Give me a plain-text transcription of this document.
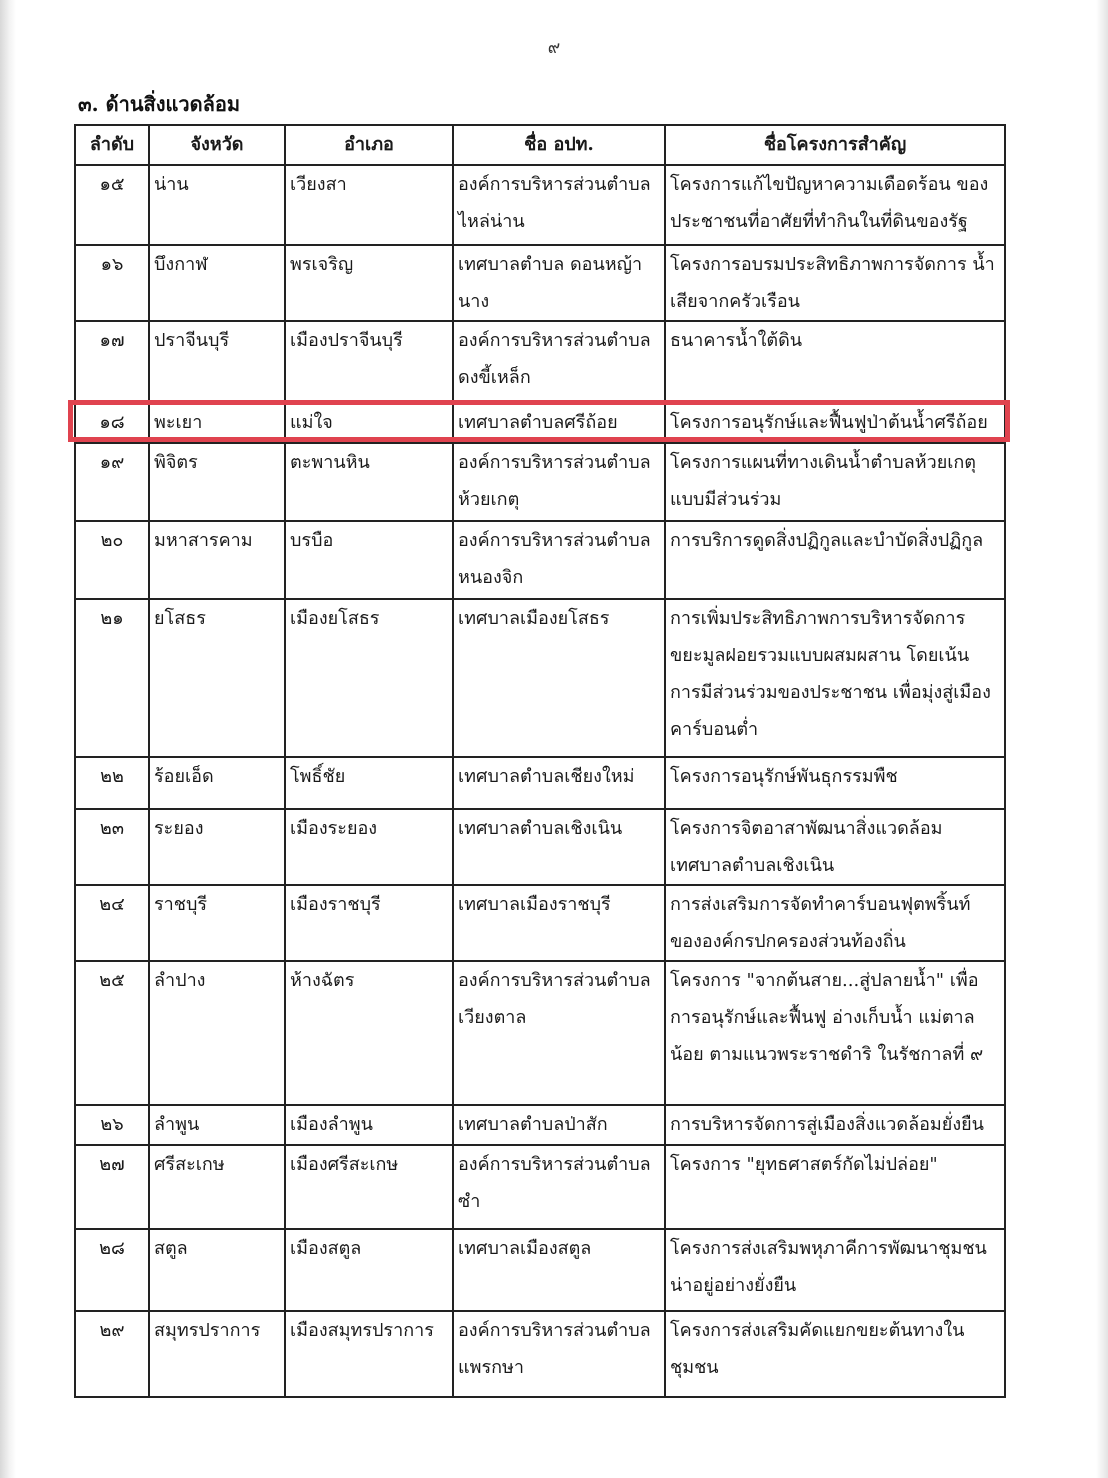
๙
๓. ด้านสิ่งแวดล้อม
ลำดับ	จังหวัด	อำเภอ	ชื่อ อปท.	ชื่อโครงการสำคัญ
๑๕	น่าน	เวียงสา	องค์การบริหารส่วนตำบล ไหล่น่าน	โครงการแก้ไขปัญหาความเดือดร้อน ของประชาชนที่อาศัยที่ทำกินในที่ดินของรัฐ
๑๖	บึงกาฬ	พรเจริญ	เทศบาลตำบล ดอนหญ้านาง	โครงการอบรมประสิทธิภาพการจัดการ น้ำเสียจากครัวเรือน
๑๗	ปราจีนบุรี	เมืองปราจีนบุรี	องค์การบริหารส่วนตำบล ดงขี้เหล็ก	ธนาคารน้ำใต้ดิน
๑๘	พะเยา	แม่ใจ	เทศบาลตำบลศรีถ้อย	โครงการอนุรักษ์และฟื้นฟูป่าต้นน้ำศรีถ้อย
๑๙	พิจิตร	ตะพานหิน	องค์การบริหารส่วนตำบล ห้วยเกตุ	โครงการแผนที่ทางเดินน้ำตำบลห้วยเกตุ แบบมีส่วนร่วม
๒๐	มหาสารคาม	บรบือ	องค์การบริหารส่วนตำบล หนองจิก	การบริการดูดสิ่งปฏิกูลและบำบัดสิ่งปฏิกูล
๒๑	ยโสธร	เมืองยโสธร	เทศบาลเมืองยโสธร	การเพิ่มประสิทธิภาพการบริหารจัดการ ขยะมูลฝอยรวมแบบผสมผสาน โดยเน้น การมีส่วนร่วมของประชาชน เพื่อมุ่งสู่เมือง คาร์บอนต่ำ
๒๒	ร้อยเอ็ด	โพธิ์ชัย	เทศบาลตำบลเชียงใหม่	โครงการอนุรักษ์พันธุกรรมพืช
๒๓	ระยอง	เมืองระยอง	เทศบาลตำบลเชิงเนิน	โครงการจิตอาสาพัฒนาสิ่งแวดล้อม เทศบาลตำบลเชิงเนิน
๒๔	ราชบุรี	เมืองราชบุรี	เทศบาลเมืองราชบุรี	การส่งเสริมการจัดทำคาร์บอนฟุตพริ้นท์ ขององค์กรปกครองส่วนท้องถิ่น
๒๕	ลำปาง	ห้างฉัตร	องค์การบริหารส่วนตำบล เวียงตาล	โครงการ "จากต้นสาย...สู่ปลายน้ำ" เพื่อการอนุรักษ์และฟื้นฟู อ่างเก็บน้ำ แม่ตาลน้อย ตามแนวพระราชดำริ ในรัชกาลที่ ๙
๒๖	ลำพูน	เมืองลำพูน	เทศบาลตำบลป่าสัก	การบริหารจัดการสู่เมืองสิ่งแวดล้อมยั่งยืน
๒๗	ศรีสะเกษ	เมืองศรีสะเกษ	องค์การบริหารส่วนตำบล ซำ	โครงการ "ยุทธศาสตร์กัดไม่ปล่อย"
๒๘	สตูล	เมืองสตูล	เทศบาลเมืองสตูล	โครงการส่งเสริมพหุภาคีการพัฒนาชุมชน น่าอยู่อย่างยั่งยืน
๒๙	สมุทรปราการ	เมืองสมุทรปราการ	องค์การบริหารส่วนตำบล แพรกษา	โครงการส่งเสริมคัดแยกขยะต้นทางใน ชุมชน
